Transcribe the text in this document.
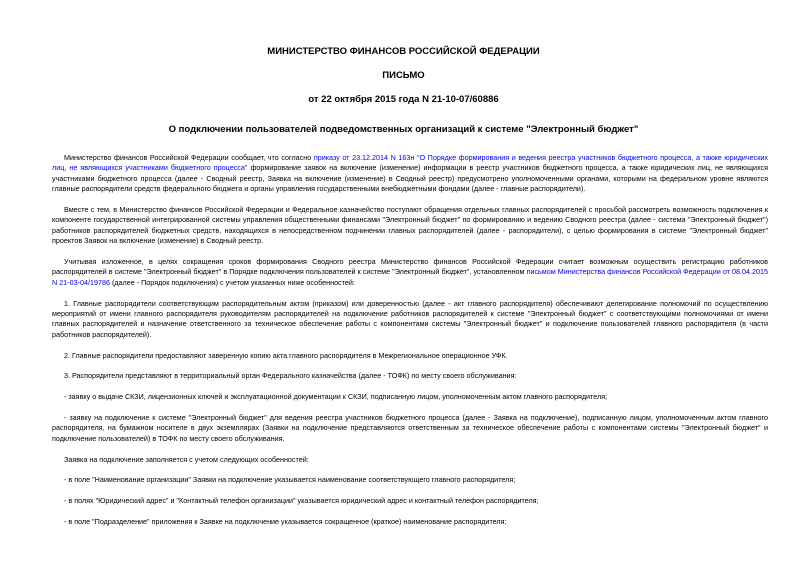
МИНИСТЕРСТВО ФИНАНСОВ РОССИЙСКОЙ ФЕДЕРАЦИИ
ПИСЬМО
от 22 октября 2015 года N 21-10-07/60886
О подключении пользователей подведомственных организаций к системе "Электронный бюджет"

Министерство финансов Российской Федерации сообщает, что согласно приказу от 23.12.2014 N 163н "О Порядке формирования и ведения реестра участников бюджетного процесса, а также юридических лиц, не являющихся участниками бюджетного процесса" формирование заявок на включение (изменение) информации в реестр участников бюджетного процесса, а также юридических лиц, не являющихся участниками бюджетного процесса (далее - Сводный реестр, Заявка на включение (изменение) в Сводный реестр) предусмотрено уполномоченными органами, которыми на федеральном уровне являются главные распорядители средств федерального бюджета и органы управления государственными внебюджетными фондами (далее - главные распорядители).

Вместе с тем, в Министерство финансов Российской Федерации и Федеральное казначейство поступают обращения отдельных главных распорядителей с просьбой рассмотреть возможность подключения к компоненте государственной интегрированной системы управления общественными финансами "Электронный бюджет" по формированию и ведению Сводного реестра (далее - система "Электронный бюджет") работников распорядителей бюджетных средств, находящихся в непосредственном подчинении главных распорядителей (далее - распорядители), с целью формирования в системе "Электронный бюджет" проектов Заявок на включение (изменение) в Сводный реестр.

Учитывая изложенное, в целях сокращения сроков формирования Сводного реестра Министерство финансов Российской Федерации считает возможным осуществить регистрацию работников распорядителей в системе "Электронный бюджет" в Порядке подключения пользователей к системе "Электронный бюджет", установленном письмом Министерства финансов Российской Федерации от 08.04.2015 N 21-03-04/19786 (далее - Порядок подключения) с учетом указанных ниже особенностей:

1. Главные распорядители соответствующим распорядительным актом (приказом) или доверенностью (далее - акт главного распорядителя) обеспечивают делегирование полномочий по осуществлению мероприятий от имени главного распорядителя руководителям распорядителей на подключение работников распорядителей к системе "Электронный бюджет" с соответствующими полномочиями от имени главных распорядителей и назначение ответственного за техническое обеспечение работы с компонентами системы "Электронный бюджет" и подключение пользователей главного распорядителя (в части работников распорядителей).

2. Главные распорядители предоставляют заверенную копию акта главного распорядителя в Межрегиональное операционное УФК.

3. Распорядители представляют в территориальный орган Федерального казначейства (далее - ТОФК) по месту своего обслуживания:

- заявку о выдаче СКЗИ, лицензионных ключей и эксплуатационной документации к СКЗИ, подписанную лицом, уполномоченным актом главного распорядителя;

- заявку на подключение к системе "Электронный бюджет" для ведения реестра участников бюджетного процесса (далее - Заявка на подключение), подписанную лицом, уполномоченным актом главного распорядителя, на бумажном носителе в двух экземплярах (Заявки на подключение представляются ответственным за техническое обеспечение работы с компонентами системы "Электронный бюджет" и подключение пользователей) в ТОФК по месту своего обслуживания.

Заявка на подключение заполняется с учетом следующих особенностей:

- в поле "Наименование организации" Заявки на подключение указывается наименование соответствующего главного распорядителя;

- в полях "Юридический адрес" и "Контактный телефон организации" указывается юридический адрес и контактный телефон распорядителя;

- в поле "Подразделение" приложения к Заявке на подключение указывается сокращенное (краткое) наименование распорядителя;
